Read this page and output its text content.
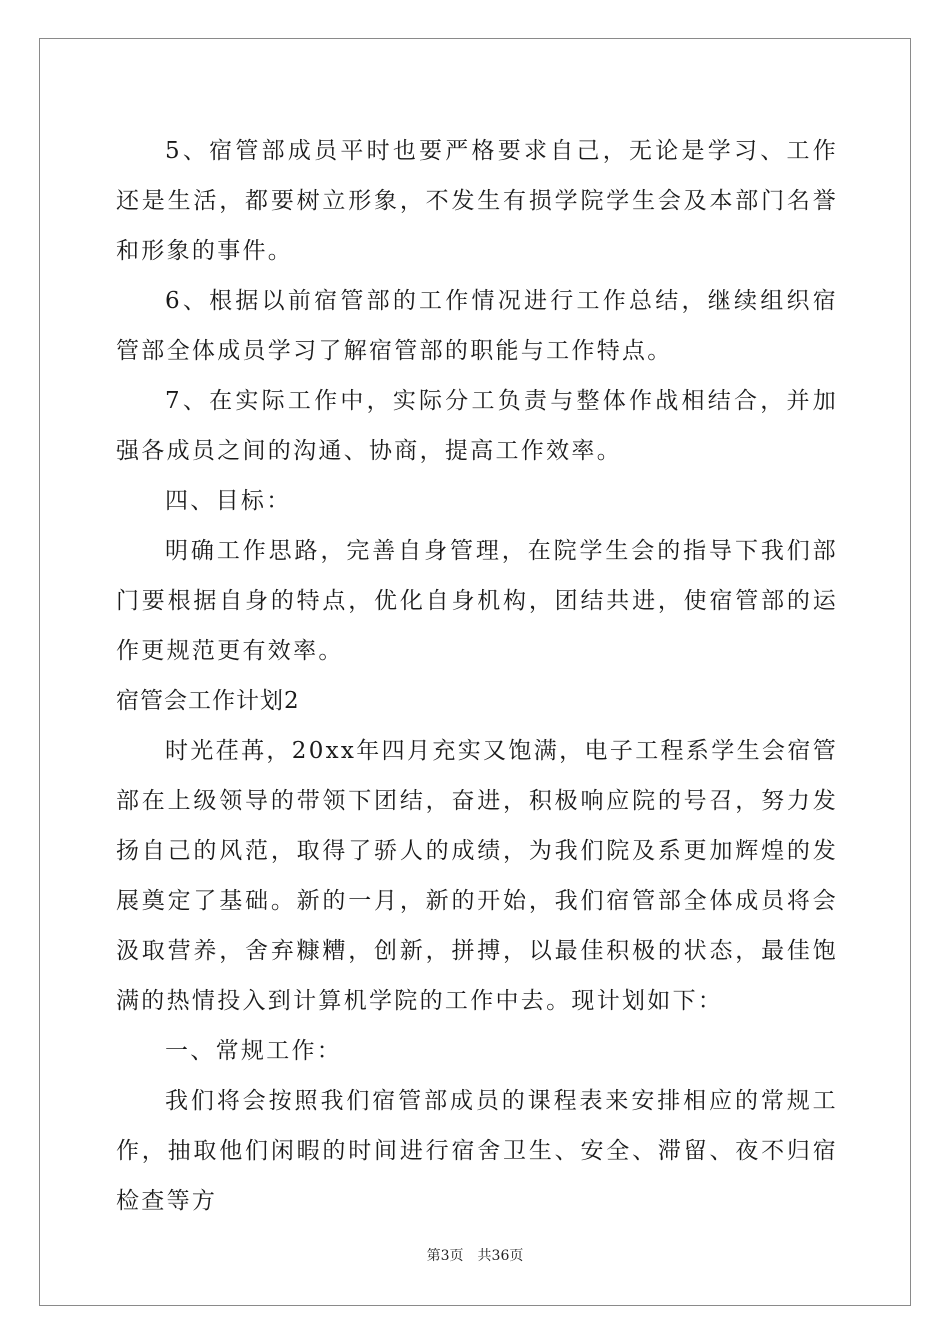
5、宿管部成员平时也要严格要求自己，无论是学习、工作还是生活，都要树立形象，不发生有损学院学生会及本部门名誉和形象的事件。

6、根据以前宿管部的工作情况进行工作总结，继续组织宿管部全体成员学习了解宿管部的职能与工作特点。

7、在实际工作中，实际分工负责与整体作战相结合，并加强各成员之间的沟通、协商，提高工作效率。

四、目标：

明确工作思路，完善自身管理，在院学生会的指导下我们部门要根据自身的特点，优化自身机构，团结共进，使宿管部的运作更规范更有效率。

宿管会工作计划2

时光荏苒，20xx年四月充实又饱满，电子工程系学生会宿管部在上级领导的带领下团结，奋进，积极响应院的号召，努力发扬自己的风范，取得了骄人的成绩，为我们院及系更加辉煌的发展奠定了基础。新的一月，新的开始，我们宿管部全体成员将会汲取营养，舍弃糠糟，创新，拼搏，以最佳积极的状态，最佳饱满的热情投入到计算机学院的工作中去。现计划如下：

一、常规工作：

我们将会按照我们宿管部成员的课程表来安排相应的常规工作，抽取他们闲暇的时间进行宿舍卫生、安全、滞留、夜不归宿检查等方

第3页　共36页
